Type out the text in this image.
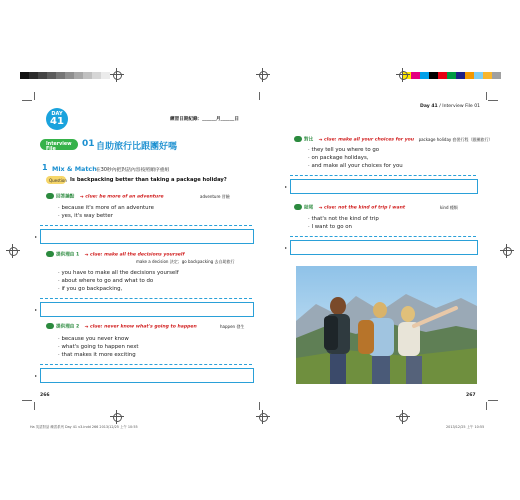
Ha 英語對話 練習系列 Day 41 v3.indd 266 2013/12/25 上午 10:55	2013/12/25 上午 10:55
DAY
41	練習日期紀錄：______月______日
Interview File
01 自助旅行比跟團好嗎
1 Mix & Match 在30秒內把對話內容按照順序重組
Question Is backpacking better than taking a package holiday?
回答論點 ➔ clue: be more of an adventure	adventure 冒險
· because it's more of an adventure
· yes, it's way better
▸
提供理由 1 ➔ clue: make all the decisions yourself
make a decision 決定；go backpacking 去自助旅行
· you have to make all the decisions yourself
· about where to go and what to do
· if you go backpacking,
▸
提供理由 2 ➔ clue: never know what's going to happen	happen 發生
· because you never know
· what's going to happen next
· that makes it more exciting
▸
266
Day 41 / Interview File 01
對比 ➔ clue: make all your choices for you package holiday 套裝行程（跟團旅行）
· they tell you where to go
· on package holidays,
· and make all your choices for you
▸
結尾 ➔ clue: not the kind of trip I want	kind 種類
· that's not the kind of trip
· I want to go on
▸
267
